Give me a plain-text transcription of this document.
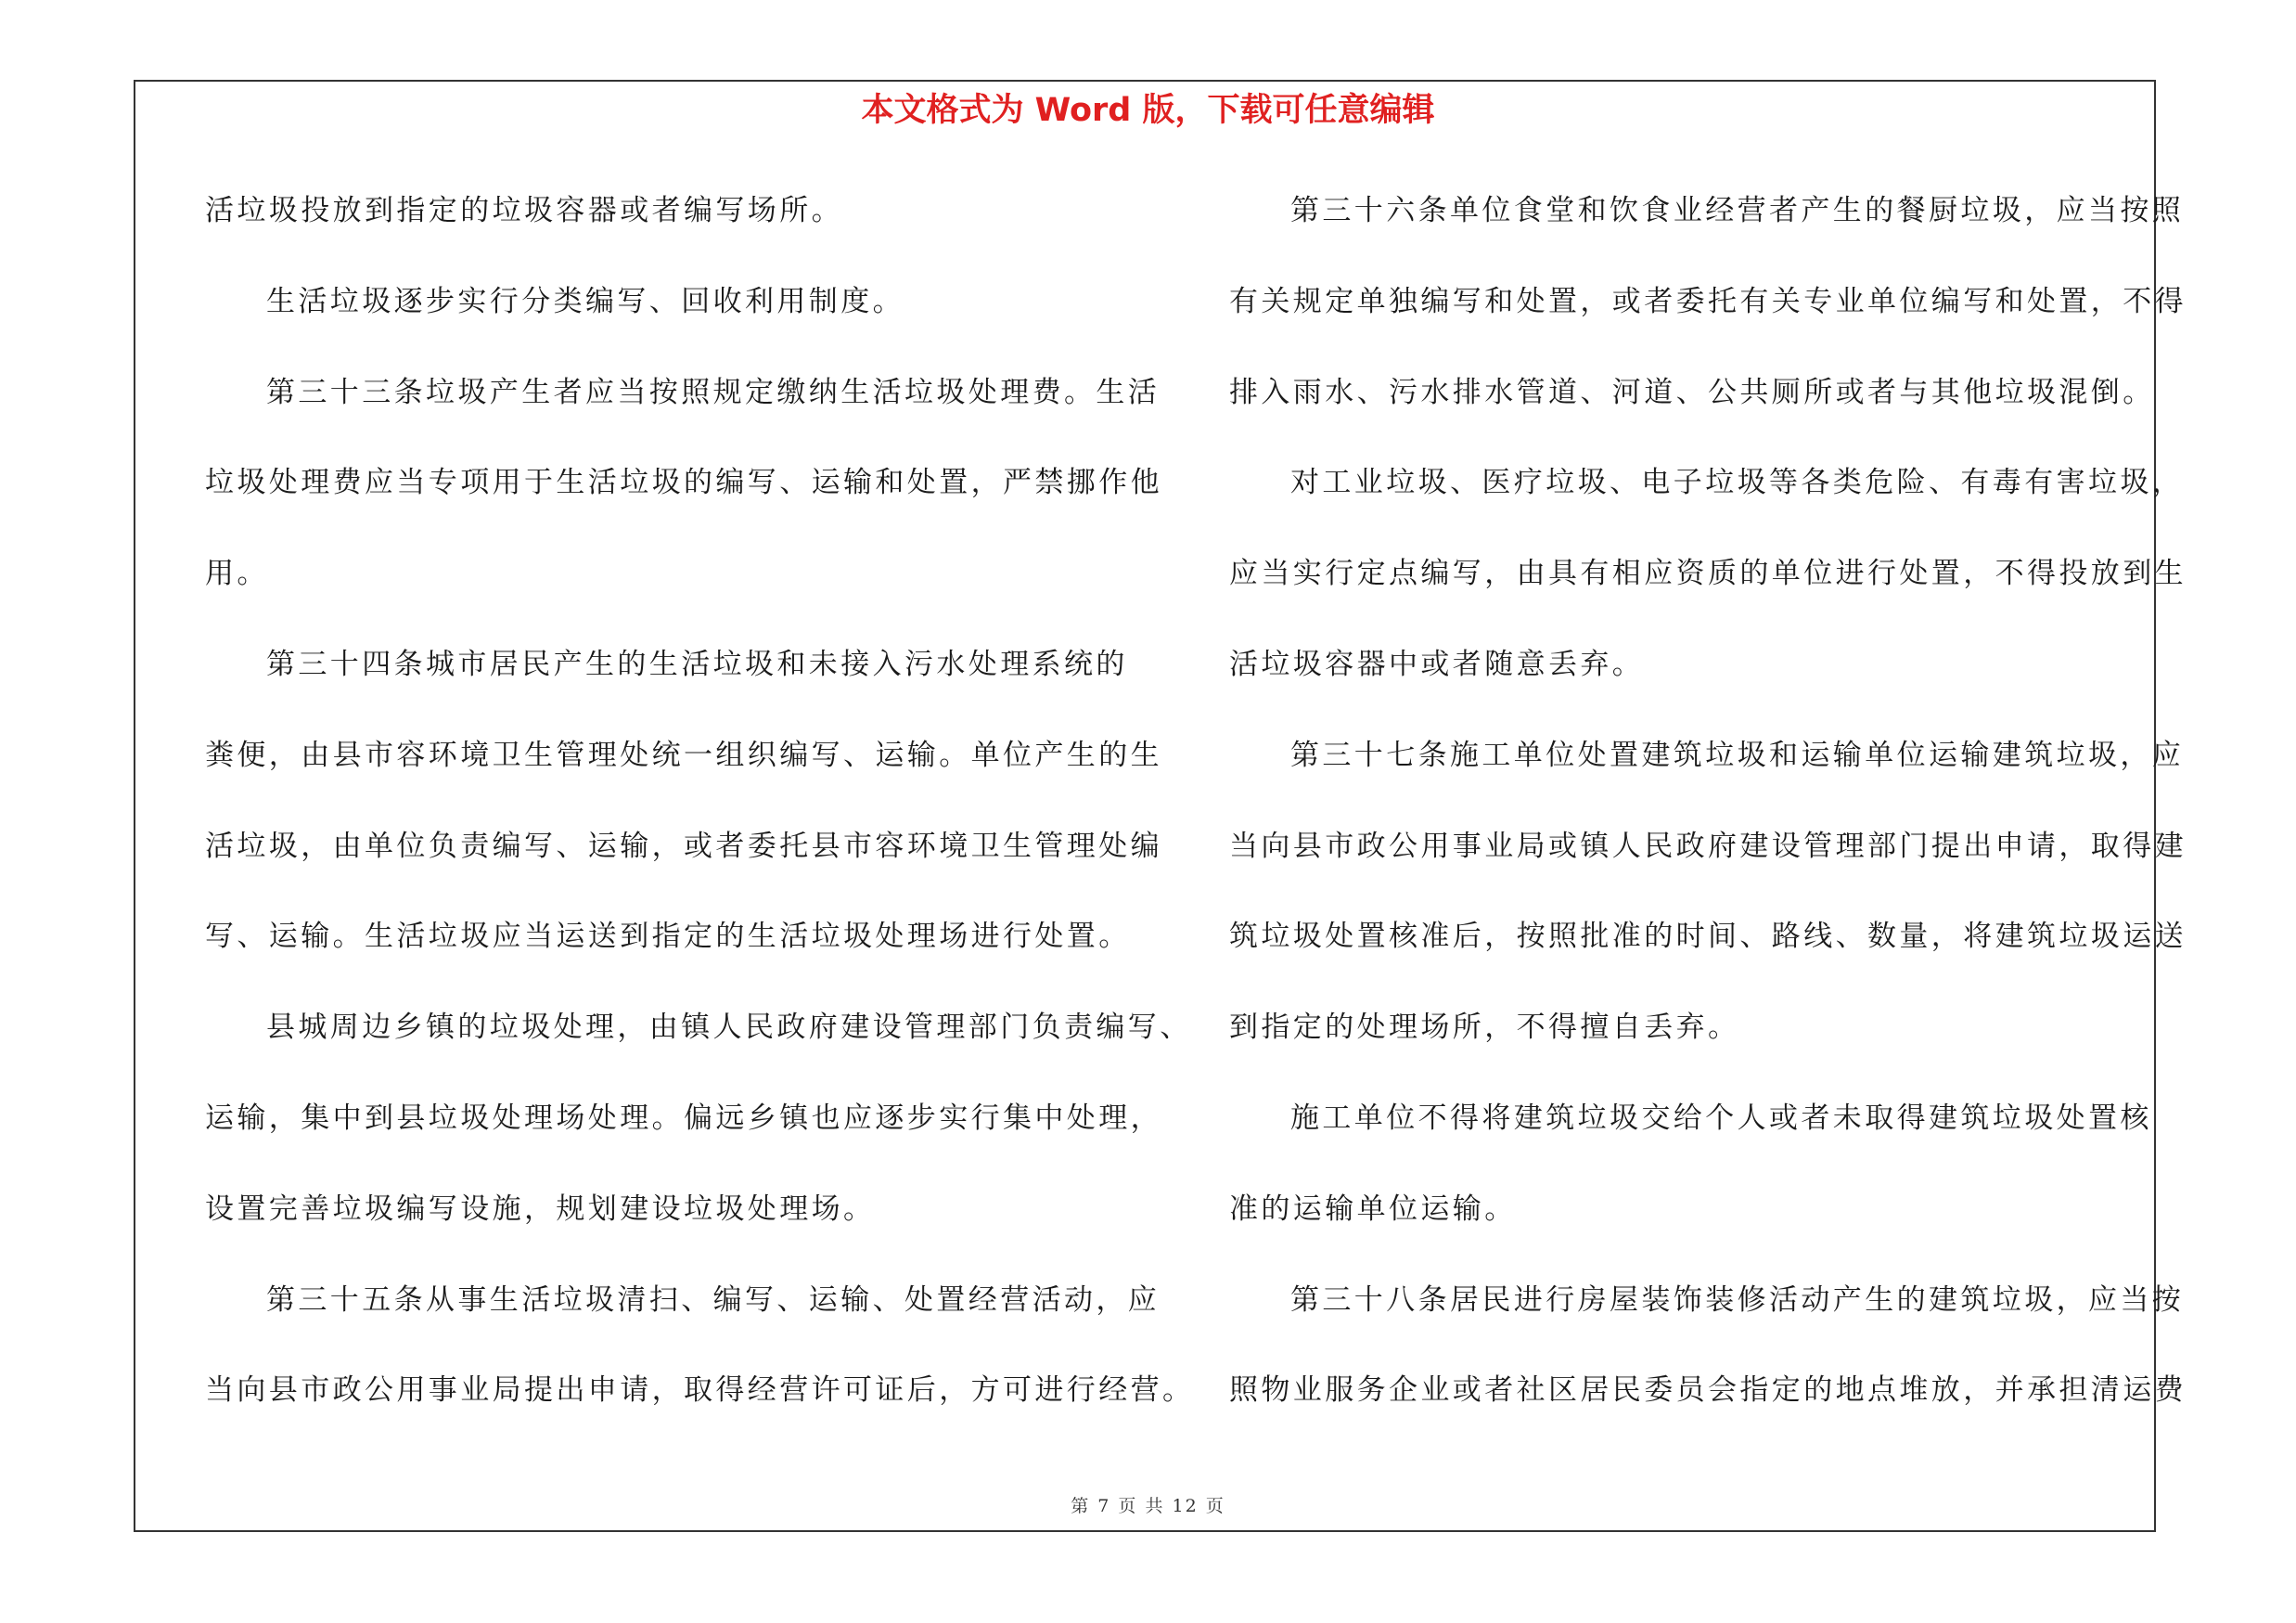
本文格式为 Word 版，下载可任意编辑
活垃圾投放到指定的垃圾容器或者编写场所。
生活垃圾逐步实行分类编写、回收利用制度。
第三十三条垃圾产生者应当按照规定缴纳生活垃圾处理费。生活
垃圾处理费应当专项用于生活垃圾的编写、运输和处置，严禁挪作他
用。
第三十四条城市居民产生的生活垃圾和未接入污水处理系统的
粪便，由县市容环境卫生管理处统一组织编写、运输。单位产生的生
活垃圾，由单位负责编写、运输，或者委托县市容环境卫生管理处编
写、运输。生活垃圾应当运送到指定的生活垃圾处理场进行处置。
县城周边乡镇的垃圾处理，由镇人民政府建设管理部门负责编写、
运输，集中到县垃圾处理场处理。偏远乡镇也应逐步实行集中处理，
设置完善垃圾编写设施，规划建设垃圾处理场。
第三十五条从事生活垃圾清扫、编写、运输、处置经营活动，应
当向县市政公用事业局提出申请，取得经营许可证后，方可进行经营。
第三十六条单位食堂和饮食业经营者产生的餐厨垃圾，应当按照
有关规定单独编写和处置，或者委托有关专业单位编写和处置，不得
排入雨水、污水排水管道、河道、公共厕所或者与其他垃圾混倒。
对工业垃圾、医疗垃圾、电子垃圾等各类危险、有毒有害垃圾，
应当实行定点编写，由具有相应资质的单位进行处置，不得投放到生
活垃圾容器中或者随意丢弃。
第三十七条施工单位处置建筑垃圾和运输单位运输建筑垃圾，应
当向县市政公用事业局或镇人民政府建设管理部门提出申请，取得建
筑垃圾处置核准后，按照批准的时间、路线、数量，将建筑垃圾运送
到指定的处理场所，不得擅自丢弃。
施工单位不得将建筑垃圾交给个人或者未取得建筑垃圾处置核
准的运输单位运输。
第三十八条居民进行房屋装饰装修活动产生的建筑垃圾，应当按
照物业服务企业或者社区居民委员会指定的地点堆放，并承担清运费
第 7 页 共 12 页
